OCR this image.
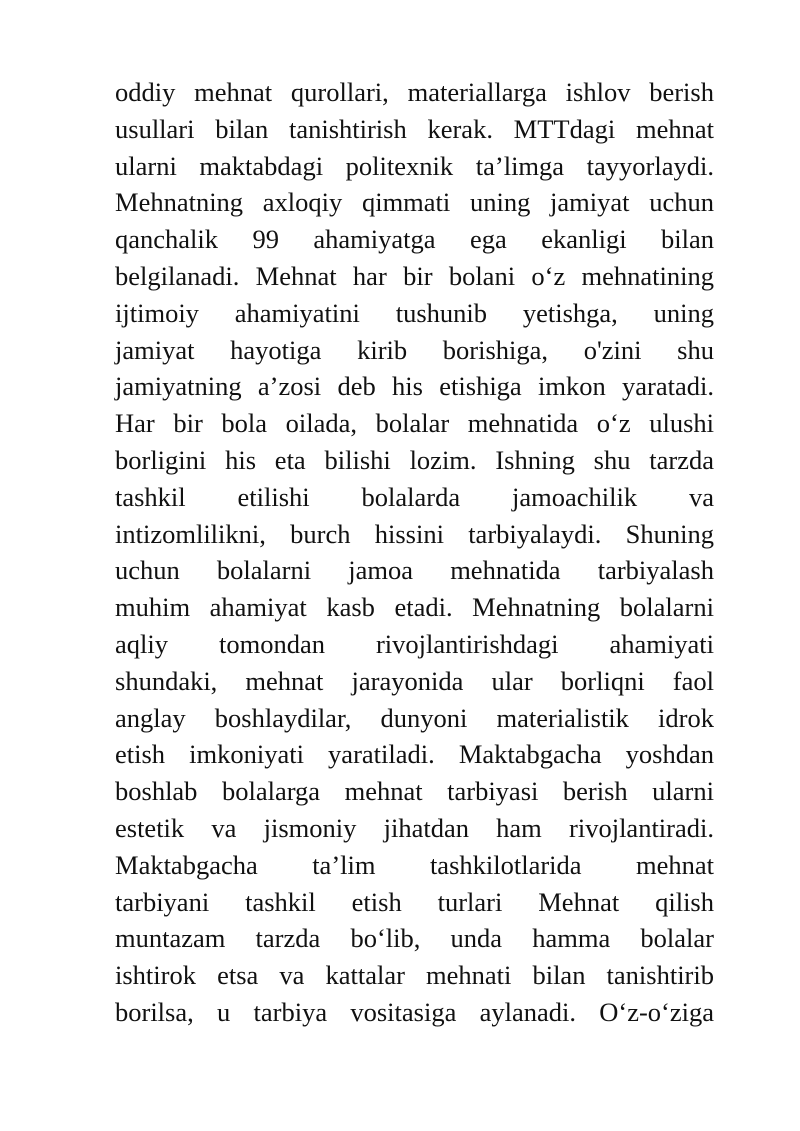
oddiy mehnat qurollari, materiallarga ishlov berish
usullari bilan tanishtirish kerak. MTTdagi mehnat
ularni maktabdagi politexnik ta’limga tayyorlaydi.
Mehnatning axloqiy qimmati uning jamiyat uchun
qanchalik 99 ahamiyatga ega ekanligi bilan
belgilanadi. Mehnat har bir bolani o‘z mehnatining
ijtimoiy ahamiyatini tushunib yetishga, uning
jamiyat hayotiga kirib borishiga, o'zini shu
jamiyatning a’zosi deb his etishiga imkon yaratadi.
Har bir bola oilada, bolalar mehnatida o‘z ulushi
borligini his eta bilishi lozim. Ishning shu tarzda
tashkil etilishi bolalarda jamoachilik va
intizomlilikni, burch hissini tarbiyalaydi. Shuning
uchun bolalarni jamoa mehnatida tarbiyalash
muhim ahamiyat kasb etadi. Mehnatning bolalarni
aqliy tomondan rivojlantirishdagi ahamiyati
shundaki, mehnat jarayonida ular borliqni faol
anglay boshlaydilar, dunyoni materialistik idrok
etish imkoniyati yaratiladi. Maktabgacha yoshdan
boshlab bolalarga mehnat tarbiyasi berish ularni
estetik va jismoniy jihatdan ham rivojlantiradi.
Maktabgacha ta’lim tashkilotlarida mehnat
tarbiyani tashkil etish turlari Mehnat qilish
muntazam tarzda bo‘lib, unda hamma bolalar
ishtirok etsa va kattalar mehnati bilan tanishtirib
borilsa, u tarbiya vositasiga aylanadi. O‘z-o‘ziga
